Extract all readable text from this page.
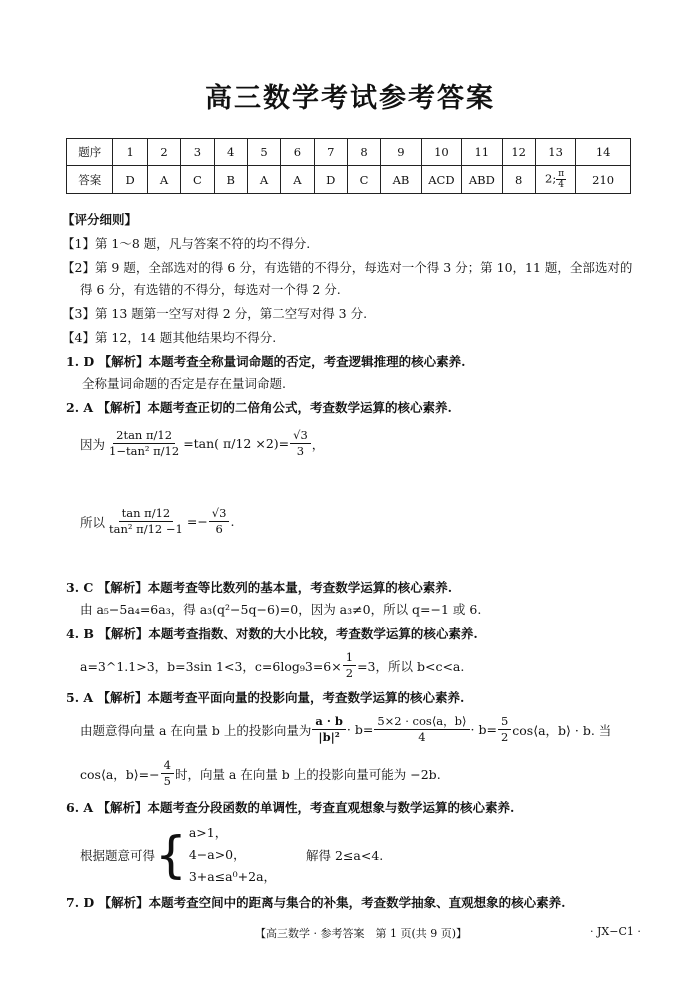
高三数学考试参考答案
题序	1	2	3	4	5	6	7	8	9	10	11	12	13	14
答案	D	A	C	B	A	A	D	C	AB	ACD	ABD	8	2; $\frac{\pi}{4}$	210
【评分细则】
【1】第 1～8 题，凡与答案不符的均不得分.
【2】第 9 题，全部选对的得 6 分，有选错的不得分，每选对一个得 3 分；第 10，11 题，全部选对的
得 6 分，有选错的不得分，每选对一个得 2 分.
【3】第 13 题第一空写对得 2 分，第二空写对得 3 分.
【4】第 12，14 题其他结果均不得分.
1. D 【解析】本题考查全称量词命题的否定，考查逻辑推理的核心素养.
全称量词命题的否定是存在量词命题.
2. A 【解析】本题考查正切的二倍角公式，考查数学运算的核心素养.
因为 $\frac{\text{2tan π/12}}{\text{1−tan² π/12}} =\tan$( $\pi/12 \times 2)= \frac{√3}{3}$ ，
所以 $\frac{\text{tan π/12}}{\text{tan² π/12 −1}} =- \frac{√3}{6}$ .
3. C 【解析】本题考查等比数列的基本量，考查数学运算的核心素养.
由 a₅−5a₄=6a₃，得 a₃(q²−5q−6)=0，因为 a₃≠0，所以 q=−1 或 6.
4. B 【解析】本题考查指数、对数的大小比较，考查数学运算的核心素养.
a=3^1.1>3，b=3sin 1<3，$c=6\log_93=6\times \frac{1}{2} =3$，所以 b<c<a.
5. A 【解析】本题考查平面向量的投影向量，考查数学运算的核心素养.
由题意得向量 a 在向量 b 上的投影向量为 $\frac{a \cdot b}{\text{|b|²}} \cdot b= \frac{5\times 2 \cdot \cos⟨a,b⟩}{4} \cdot b= \frac{5}{2}$ cos⟨a，b⟩ · b. 当
cos⟨a，b⟩=− $\frac{4}{5}$ 时，向量 a 在向量 b 上的投影向量可能为 −2b.
6. A 【解析】本题考查分段函数的单调性，考查直观想象与数学运算的核心素养.
根据题意可得 { a>1，
4−a>0，
3+a≤a⁰+2a，
解得 2≤a<4.
7. D 【解析】本题考查空间中的距离与集合的补集，考查数学抽象、直观想象的核心素养.
【高三数学 · 参考答案　第 1 页(共 9 页)】	· JX−C1 ·
